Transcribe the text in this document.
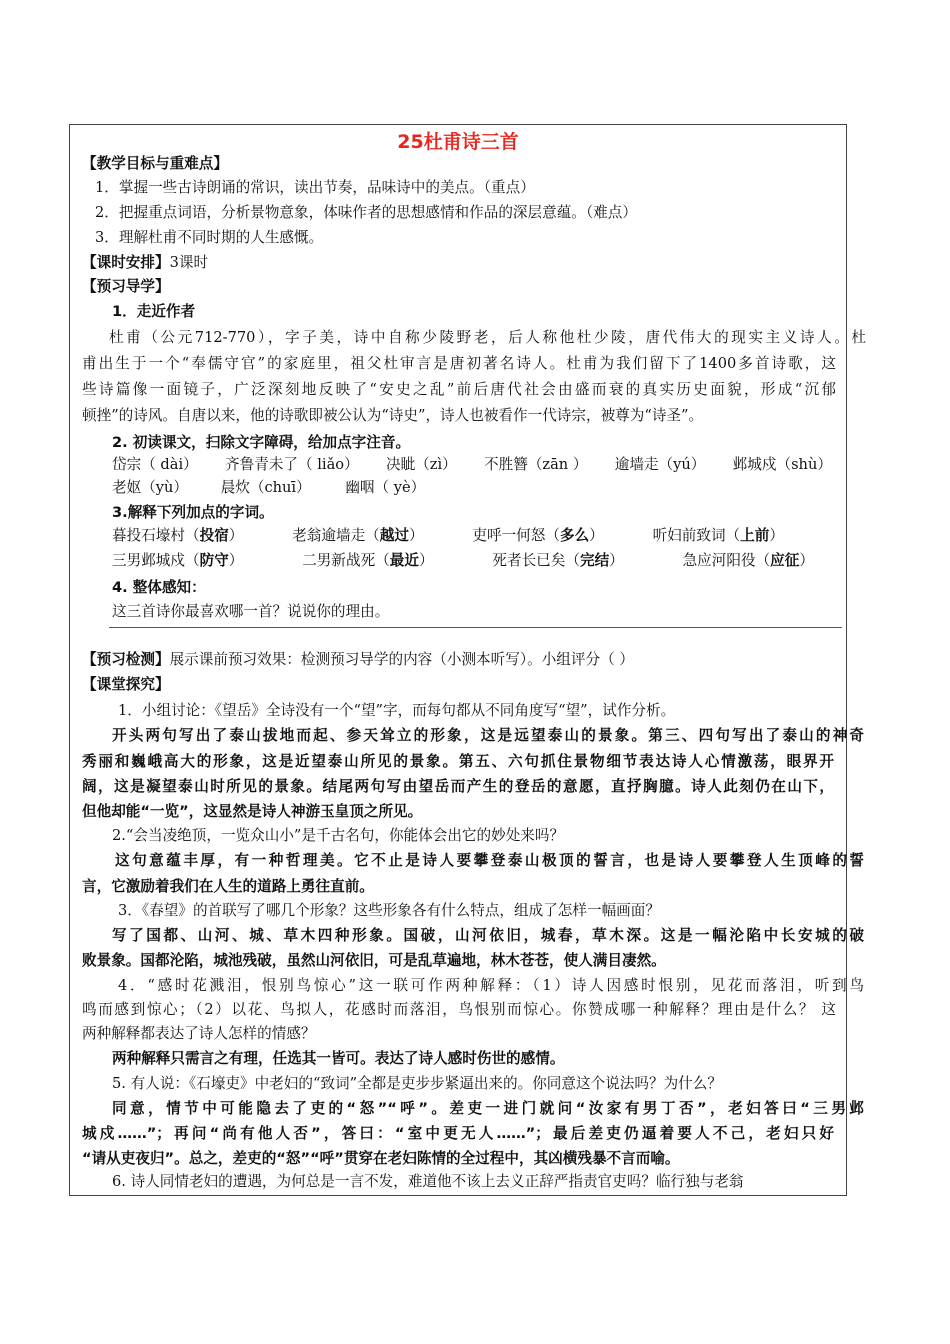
25杜甫诗三首
【教学目标与重难点】
1．掌握一些古诗朗诵的常识，读出节奏，品味诗中的美点。（重点）
2．把握重点词语，分析景物意象，体味作者的思想感情和作品的深层意蕴。（难点）
3．理解杜甫不同时期的人生感慨。
【课时安排】3课时
【预习导学】
1．走近作者
杜甫（公元712-770），字子美，诗中自称少陵野老，后人称他杜少陵，唐代伟大的现实主义诗人。杜
甫出生于一个“奉儒守官”的家庭里，祖父杜审言是唐初著名诗人。杜甫为我们留下了1400多首诗歌，这
些诗篇像一面镜子，广泛深刻地反映了“安史之乱”前后唐代社会由盛而衰的真实历史面貌，形成“沉郁
顿挫”的诗风。自唐以来，他的诗歌即被公认为“诗史”，诗人也被看作一代诗宗，被尊为“诗圣”。
2. 初读课文，扫除文字障碍，给加点字注音。
岱宗（ dài） 齐鲁青未了（ liǎo） 决眦（zì） 不胜簪（zān ） 逾墙走（yú） 邺城戍（shù）
老妪（yù） 晨炊（chuī） 幽咽（ yè）
3.解释下列加点的字词。
暮投石壕村（投宿）	老翁逾墙走（越过）	吏呼一何怒（多么）	听妇前致词（上前）
三男邺城戍（防守）	二男新战死（最近）	死者长已矣（完结）	急应河阳役（应征）
4. 整体感知：
这三首诗你最喜欢哪一首？说说你的理由。
【预习检测】展示课前预习效果：检测预习导学的内容（小测本听写）。小组评分（ ）
【课堂探究】
1．小组讨论：《望岳》全诗没有一个“望”字，而每句都从不同角度写“望”，试作分析。
开头两句写出了泰山拔地而起、参天耸立的形象，这是远望泰山的景象。第三、四句写出了泰山的神奇
秀丽和巍峨高大的形象，这是近望泰山所见的景象。第五、六句抓住景物细节表达诗人心情激荡，眼界开
阔，这是凝望泰山时所见的景象。结尾两句写由望岳而产生的登岳的意愿，直抒胸臆。诗人此刻仍在山下，
但他却能“一览”，这显然是诗人神游玉皇顶之所见。
2.“会当凌绝顶，一览众山小”是千古名句，你能体会出它的妙处来吗？
这句意蕴丰厚，有一种哲理美。它不止是诗人要攀登泰山极顶的誓言，也是诗人要攀登人生顶峰的誓
言，它激励着我们在人生的道路上勇往直前。
3．《春望》的首联写了哪几个形象？这些形象各有什么特点，组成了怎样一幅画面？
写了国都、山河、城、草木四种形象。国破，山河依旧，城春，草木深。这是一幅沦陷中长安城的破
败景象。国都沦陷，城池残破，虽然山河依旧，可是乱草遍地，林木苍苍，使人满目凄然。
4．“感时花溅泪，恨别鸟惊心”这一联可作两种解释：（1）诗人因感时恨别，见花而落泪，听到鸟
鸣而感到惊心；（2）以花、鸟拟人，花感时而落泪，鸟恨别而惊心。你赞成哪一种解释？理由是什么？ 这
两种解释都表达了诗人怎样的情感？
两种解释只需言之有理，任选其一皆可。表达了诗人感时伤世的感情。
5. 有人说：《石壕吏》中老妇的“致词”全都是吏步步紧逼出来的。你同意这个说法吗？为什么？
同意，情节中可能隐去了吏的“怒”“呼”。差吏一进门就问“汝家有男丁否”，老妇答曰“三男邺
城戍……”；再问“尚有他人否”，答曰：“室中更无人……”；最后差吏仍逼着要人不己，老妇只好
“请从吏夜归”。总之，差吏的“怒”“呼”贯穿在老妇陈情的全过程中，其凶横残暴不言而喻。
6. 诗人同情老妇的遭遇，为何总是一言不发，难道他不该上去义正辞严指责官吏吗？临行独与老翁
